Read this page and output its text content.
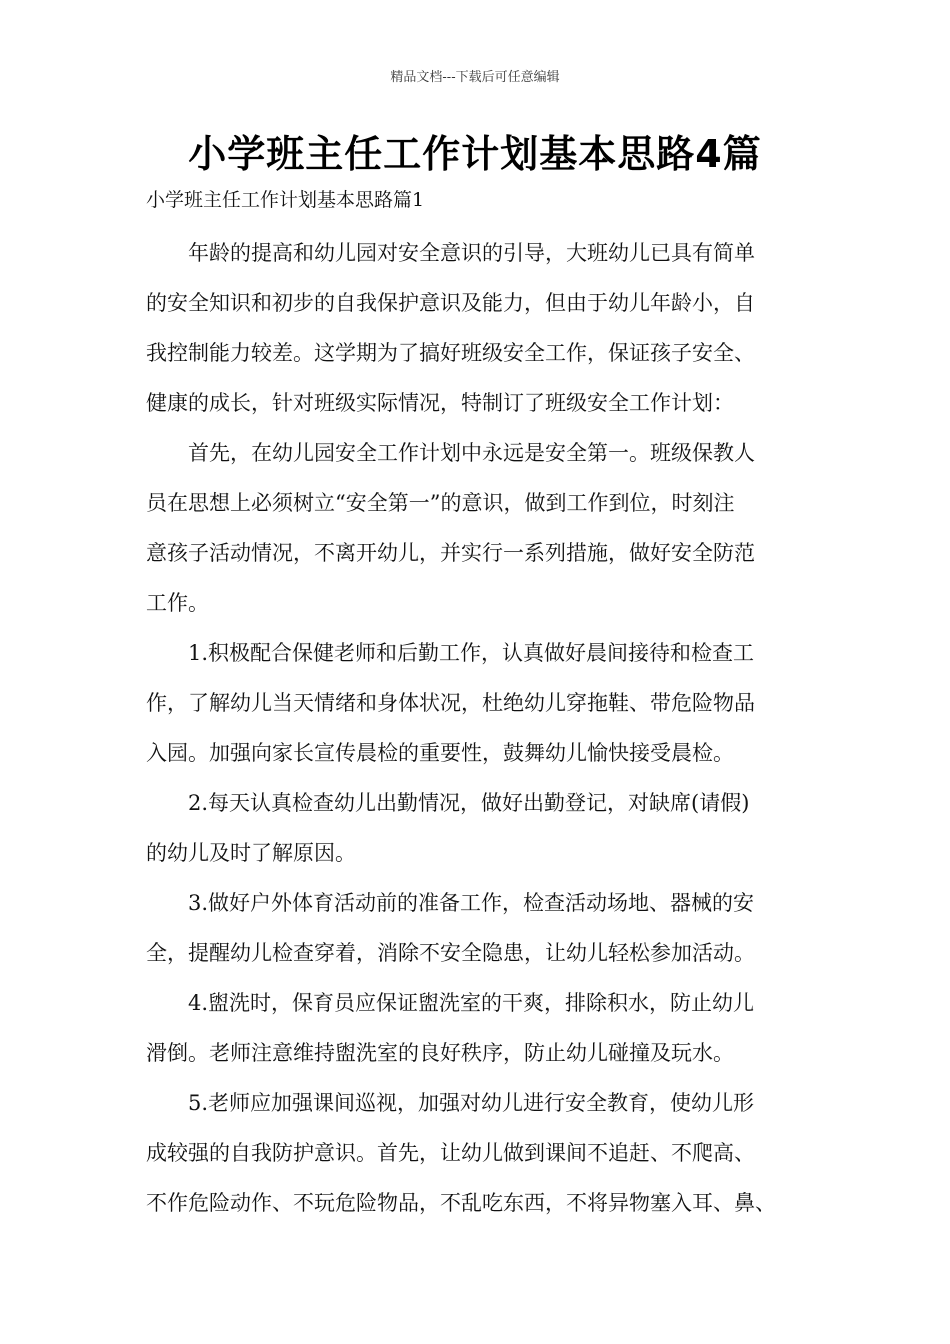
精品文档---下载后可任意编辑
小学班主任工作计划基本思路4篇
小学班主任工作计划基本思路篇1

年龄的提高和幼儿园对安全意识的引导，大班幼儿已具有简单
的安全知识和初步的自我保护意识及能力，但由于幼儿年龄小，自
我控制能力较差。这学期为了搞好班级安全工作，保证孩子安全、
健康的成长，针对班级实际情况，特制订了班级安全工作计划：

首先，在幼儿园安全工作计划中永远是安全第一。班级保教人
员在思想上必须树立“安全第一”的意识，做到工作到位，时刻注
意孩子活动情况，不离开幼儿，并实行一系列措施，做好安全防范
工作。

1.积极配合保健老师和后勤工作，认真做好晨间接待和检查工
作，了解幼儿当天情绪和身体状况，杜绝幼儿穿拖鞋、带危险物品
入园。加强向家长宣传晨检的重要性，鼓舞幼儿愉快接受晨检。

2.每天认真检查幼儿出勤情况，做好出勤登记，对缺席(请假)
的幼儿及时了解原因。

3.做好户外体育活动前的准备工作，检查活动场地、器械的安
全，提醒幼儿检查穿着，消除不安全隐患，让幼儿轻松参加活动。

4.盥洗时，保育员应保证盥洗室的干爽，排除积水，防止幼儿
滑倒。老师注意维持盥洗室的良好秩序，防止幼儿碰撞及玩水。

5.老师应加强课间巡视，加强对幼儿进行安全教育，使幼儿形
成较强的自我防护意识。首先，让幼儿做到课间不追赶、不爬高、
不作危险动作、不玩危险物品，不乱吃东西，不将异物塞入耳、鼻、
